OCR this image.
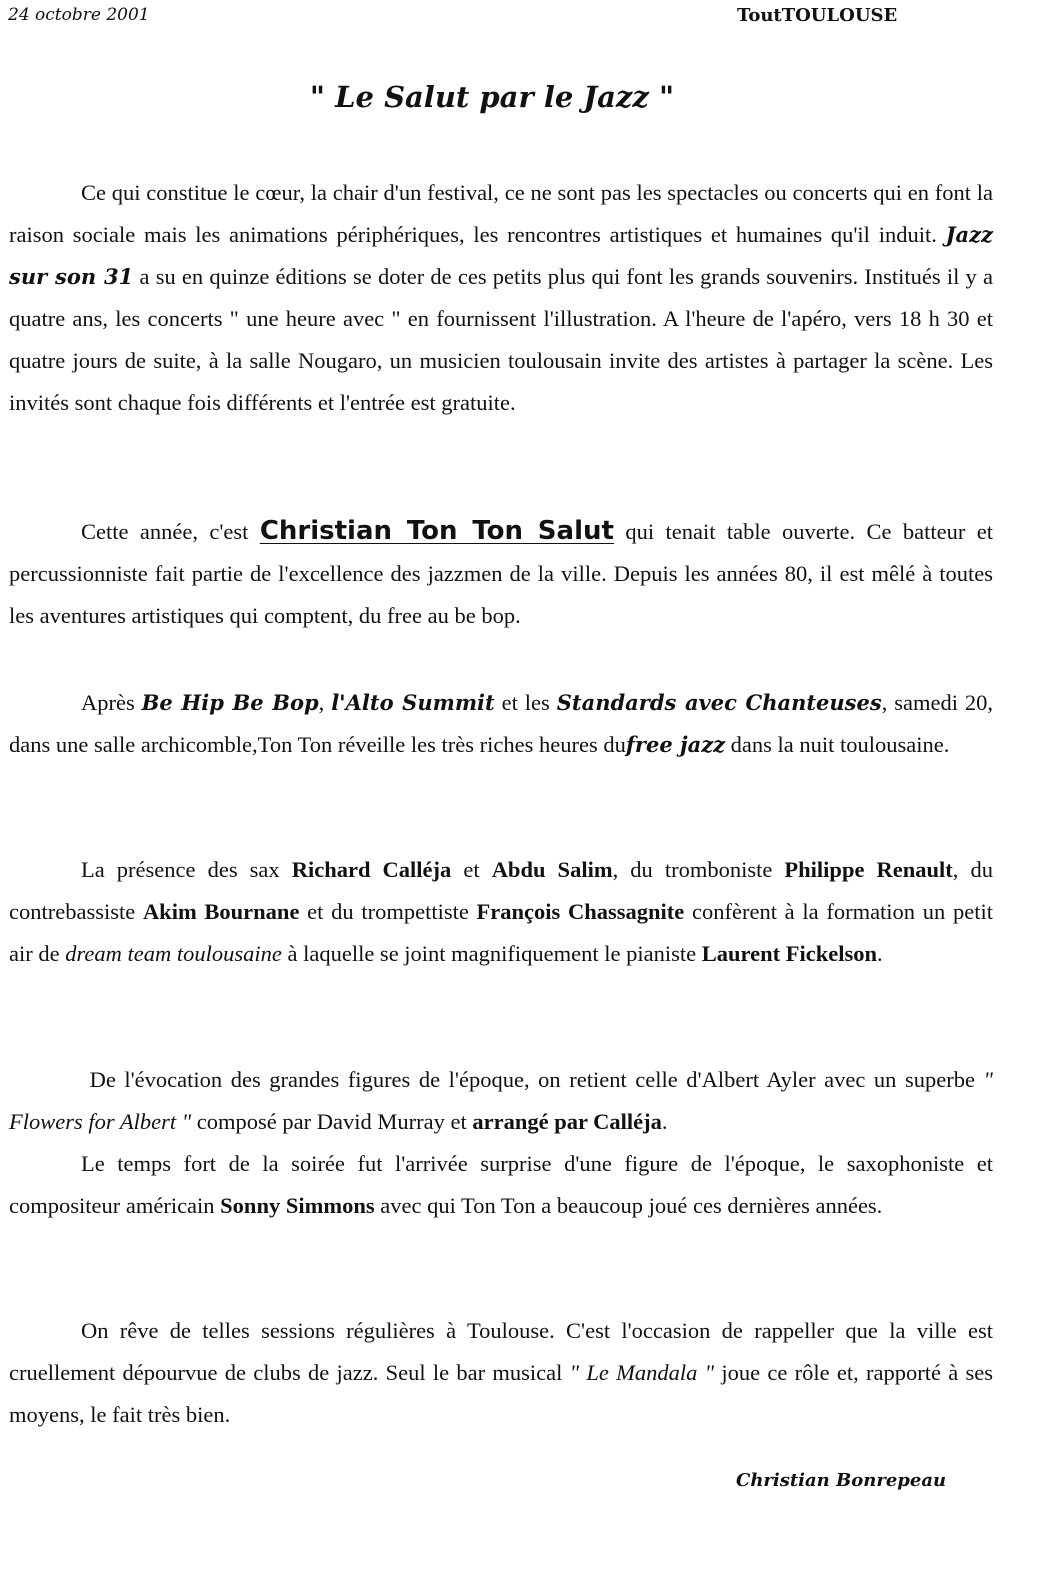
24 octobre 2001	ToutTOULOUSE
" Le Salut par le Jazz "

Ce qui constitue le cœur, la chair d'un festival, ce ne sont pas les spectacles ou concerts qui en font la raison sociale mais les animations périphériques, les rencontres artistiques et humaines qu'il induit. Jazz sur son 31 a su en quinze éditions se doter de ces petits plus qui font les grands souvenirs. Institués il y a quatre ans, les concerts " une heure avec " en fournissent l'illustration. A l'heure de l'apéro, vers 18 h 30 et quatre jours de suite, à la salle Nougaro, un musicien toulousain invite des artistes à partager la scène. Les invités sont chaque fois différents et l'entrée est gratuite.

Cette année, c'est Christian Ton Ton Salut qui tenait table ouverte. Ce batteur et percussionniste fait partie de l'excellence des jazzmen de la ville. Depuis les années 80, il est mêlé à toutes les aventures artistiques qui comptent, du free au be bop.

Après Be Hip Be Bop, l'Alto Summit et les Standards avec Chanteuses, samedi 20, dans une salle archicomble,Ton Ton réveille les très riches heures dufree jazz dans la nuit toulousaine.

La présence des sax Richard Calléja et Abdu Salim, du tromboniste Philippe Renault, du contrebassiste Akim Bournane et du trompettiste François Chassagnite confèrent à la formation un petit air de dream team toulousaine à laquelle se joint magnifiquement le pianiste Laurent Fickelson.

De l'évocation des grandes figures de l'époque, on retient celle d'Albert Ayler avec un superbe " Flowers for Albert " composé par David Murray et arrangé par Calléja.

Le temps fort de la soirée fut l'arrivée surprise d'une figure de l'époque, le saxophoniste et compositeur américain Sonny Simmons avec qui Ton Ton a beaucoup joué ces dernières années.

On rêve de telles sessions régulières à Toulouse. C'est l'occasion de rappeller que la ville est cruellement dépourvue de clubs de jazz. Seul le bar musical " Le Mandala " joue ce rôle et, rapporté à ses moyens, le fait très bien.

Christian Bonrepeau
